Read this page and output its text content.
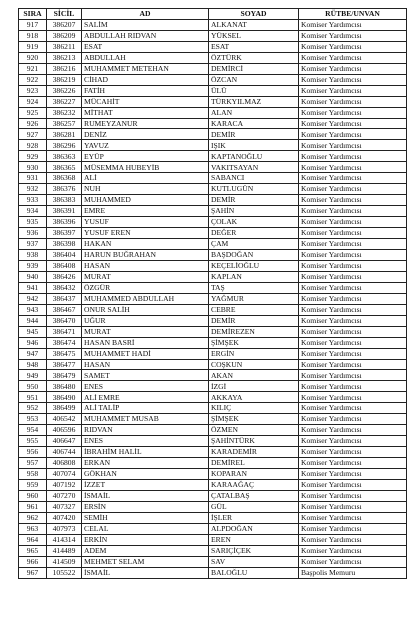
SIRA	SİCİL	AD	SOYAD	RÜTBE/UNVAN
917	386207	SALİM	ALKANAT	Komiser Yardımcısı
918	386209	ABDULLAH RIDVAN	YÜKSEL	Komiser Yardımcısı
919	386211	ESAT	ESAT	Komiser Yardımcısı
920	386213	ABDULLAH	ÖZTÜRK	Komiser Yardımcısı
921	386216	MUHAMMET METEHAN	DEMİRCİ	Komiser Yardımcısı
922	386219	CİHAD	ÖZCAN	Komiser Yardımcısı
923	386226	FATİH	ÜLÜ	Komiser Yardımcısı
924	386227	MÜCAHİT	TÜRKYILMAZ	Komiser Yardımcısı
925	386232	MİTHAT	ALAN	Komiser Yardımcısı
926	386257	RUMEYZANUR	KARACA	Komiser Yardımcısı
927	386281	DENİZ	DEMİR	Komiser Yardımcısı
928	386296	YAVUZ	IŞIK	Komiser Yardımcısı
929	386363	EYÜP	KAPTANOĞLU	Komiser Yardımcısı
930	386365	MÜSEMMA HUBEYİB	VAKITSAYAN	Komiser Yardımcısı
931	386368	ALİ	SABANCI	Komiser Yardımcısı
932	386376	NUH	KUTLUGÜN	Komiser Yardımcısı
933	386383	MUHAMMED	DEMİR	Komiser Yardımcısı
934	386391	EMRE	ŞAHİN	Komiser Yardımcısı
935	386396	YUSUF	ÇOLAK	Komiser Yardımcısı
936	386397	YUSUF EREN	DEĞER	Komiser Yardımcısı
937	386398	HAKAN	ÇAM	Komiser Yardımcısı
938	386404	HARUN BUĞRAHAN	BAŞDOĞAN	Komiser Yardımcısı
939	386408	HASAN	KEÇELİOĞLU	Komiser Yardımcısı
940	386426	MURAT	KAPLAN	Komiser Yardımcısı
941	386432	ÖZGÜR	TAŞ	Komiser Yardımcısı
942	386437	MUHAMMED ABDULLAH	YAĞMUR	Komiser Yardımcısı
943	386467	ONUR SALİH	CEBRE	Komiser Yardımcısı
944	386470	UĞUR	DEMİR	Komiser Yardımcısı
945	386471	MURAT	DEMİREZEN	Komiser Yardımcısı
946	386474	HASAN BASRİ	ŞİMŞEK	Komiser Yardımcısı
947	386475	MUHAMMET HADİ	ERGİN	Komiser Yardımcısı
948	386477	HASAN	COŞKUN	Komiser Yardımcısı
949	386479	SAMET	AKAN	Komiser Yardımcısı
950	386480	ENES	İZGİ	Komiser Yardımcısı
951	386490	ALİ EMRE	AKKAYA	Komiser Yardımcısı
952	386499	ALİ TALİP	KILIÇ	Komiser Yardımcısı
953	406542	MUHAMMET MUSAB	ŞİMŞEK	Komiser Yardımcısı
954	406596	RIDVAN	ÖZMEN	Komiser Yardımcısı
955	406647	ENES	ŞAHİNTÜRK	Komiser Yardımcısı
956	406744	İBRAHİM HALİL	KARADEMİR	Komiser Yardımcısı
957	406808	ERKAN	DEMİREL	Komiser Yardımcısı
958	407074	GÖKHAN	KOPARAN	Komiser Yardımcısı
959	407192	İZZET	KARAAĞAÇ	Komiser Yardımcısı
960	407270	İSMAİL	ÇATALBAŞ	Komiser Yardımcısı
961	407327	ERSİN	GÜL	Komiser Yardımcısı
962	407420	SEMİH	İŞLER	Komiser Yardımcısı
963	407973	CELAL	ALPDOĞAN	Komiser Yardımcısı
964	414314	ERKİN	EREN	Komiser Yardımcısı
965	414489	ADEM	SARIÇİÇEK	Komiser Yardımcısı
966	414509	MEHMET SELAM	SAV	Komiser Yardımcısı
967	105522	İSMAİL	BALOĞLU	Başpolis Memuru
